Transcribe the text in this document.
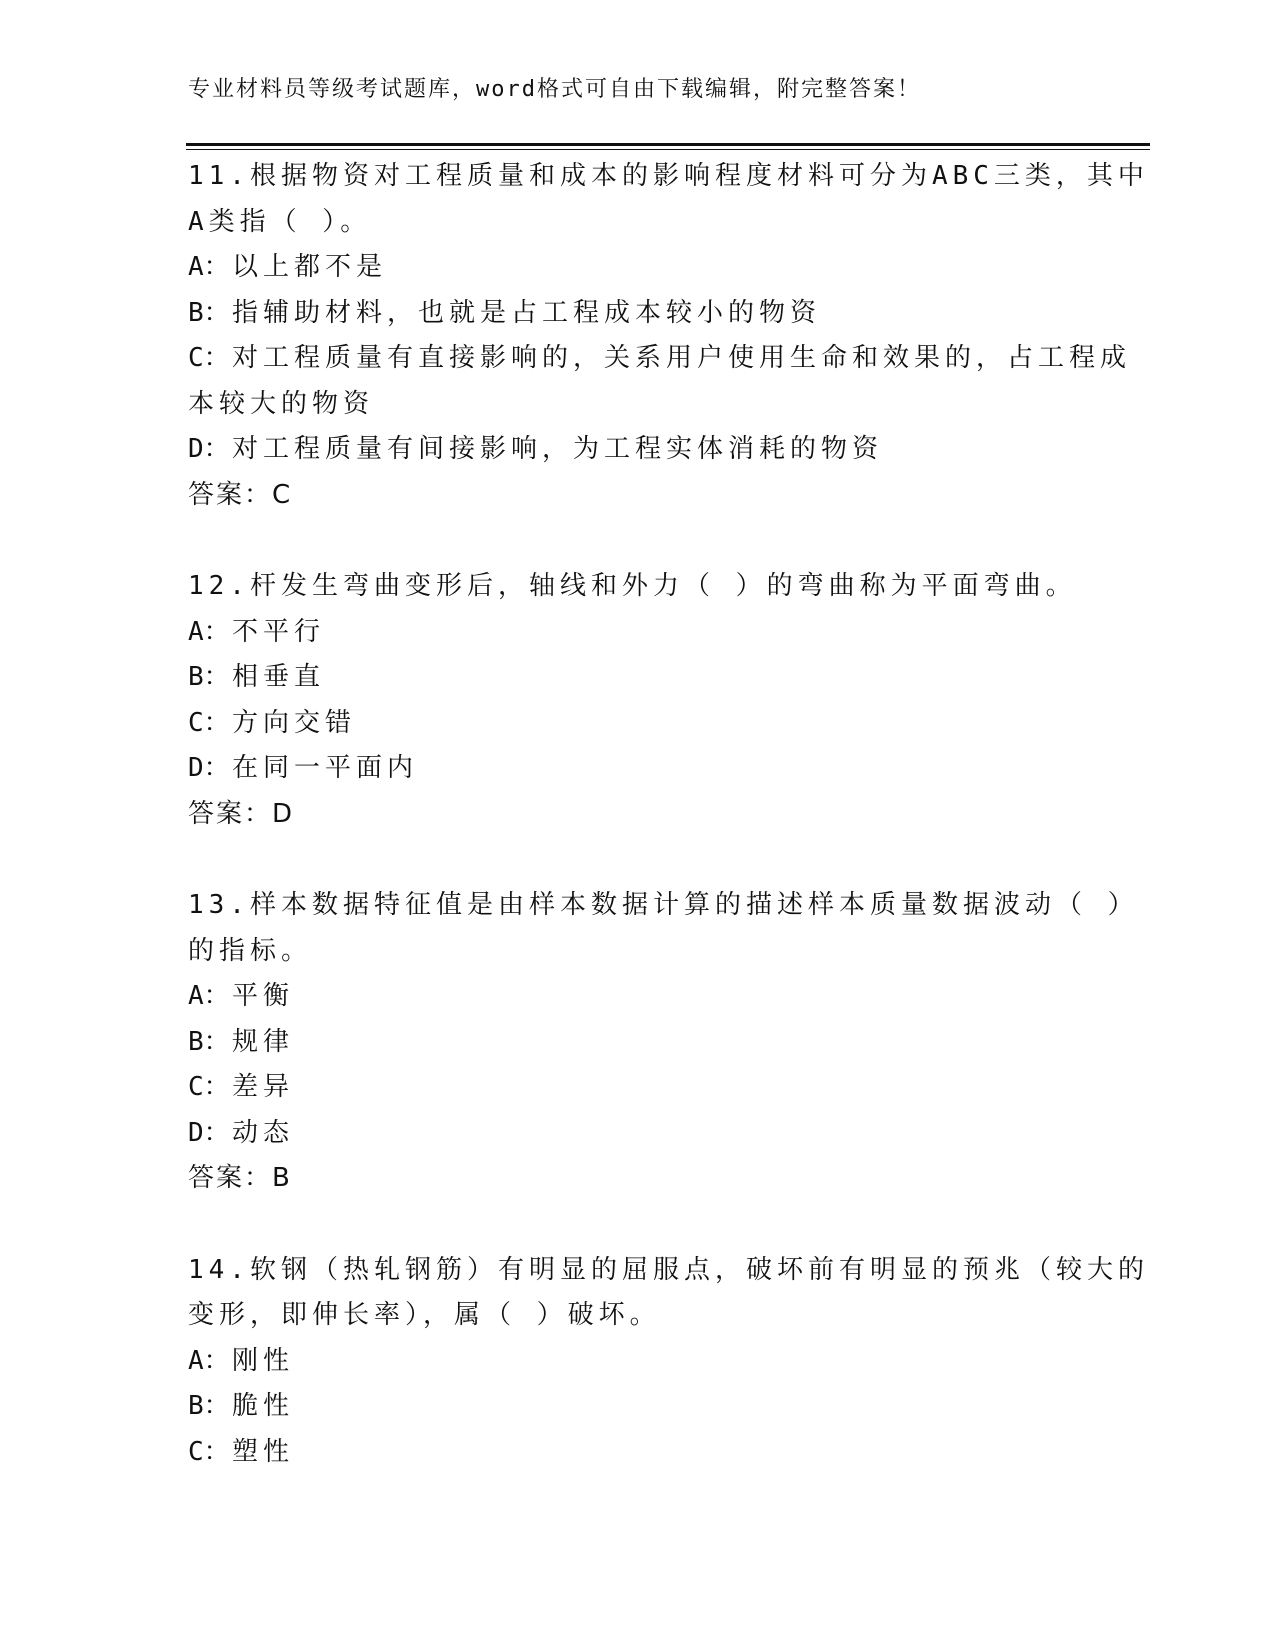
专业材料员等级考试题库，word格式可自由下载编辑，附完整答案！
11.根据物资对工程质量和成本的影响程度材料可分为ABC三类，其中
A类指（ ）。
A：以上都不是
B：指辅助材料，也就是占工程成本较小的物资
C：对工程质量有直接影响的，关系用户使用生命和效果的，占工程成
本较大的物资
D：对工程质量有间接影响，为工程实体消耗的物资
答案：C
12.杆发生弯曲变形后，轴线和外力（ ）的弯曲称为平面弯曲。
A：不平行
B：相垂直
C：方向交错
D：在同一平面内
答案：D
13.样本数据特征值是由样本数据计算的描述样本质量数据波动（ ）
的指标。
A：平衡
B：规律
C：差异
D：动态
答案：B
14.软钢（热轧钢筋）有明显的屈服点，破坏前有明显的预兆（较大的
变形，即伸长率），属（ ）破坏。
A：刚性
B：脆性
C：塑性
